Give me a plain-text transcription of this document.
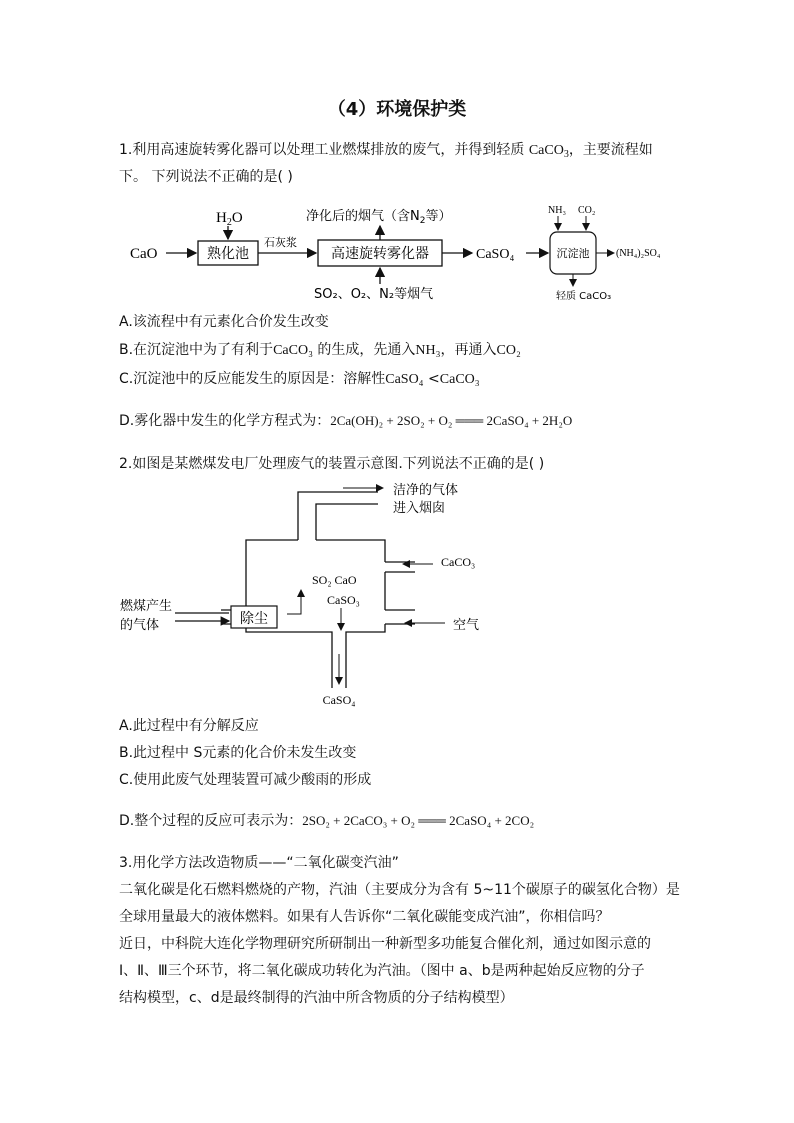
（4）环境保护类
1.利用高速旋转雾化器可以处理工业燃煤排放的废气，并得到轻质 CaCO$_3$，主要流程如
下。 下列说法不正确的是( )
CaO	熟化池
$H_2O$
石灰浆
高速旋转雾化器
净化后的烟气（含$N_2$等）
SO₂、O₂、N₂等烟气
CaSO₄
NH₃ CO₂
沉淀池	(NH₄)₂SO₄
轻质 CaCO₃
A.该流程中有元素化合价发生改变
B.在沉淀池中为了有利于CaCO₃ 的生成，先通入NH₃，再通入CO₂
C.沉淀池中的反应能发生的原因是：溶解性CaSO₄ <CaCO₃
D.雾化器中发生的化学方程式为：2Ca(OH)₂ + 2SO₂ + O₂ ═══ 2CaSO₄ + 2H₂O
2.如图是某燃煤发电厂处理废气的装置示意图.下列说法不正确的是( )
洁净的气体
进入烟囱
CaCO₃
空气
SO₂ CaO
CaSO₃
除尘
燃煤产生
的气体
CaSO₄
A.此过程中有分解反应
B.此过程中 S元素的化合价未发生改变
C.使用此废气处理装置可减少酸雨的形成
D.整个过程的反应可表示为：2SO₂ + 2CaCO₃ + O₂ ═══ 2CaSO₄ + 2CO₂
3.用化学方法改造物质——“二氧化碳变汽油”
二氧化碳是化石燃料燃烧的产物，汽油（主要成分为含有 5~11个碳原子的碳氢化合物）是
全球用量最大的液体燃料。如果有人告诉你“二氧化碳能变成汽油”，你相信吗？
近日，中科院大连化学物理研究所研制出一种新型多功能复合催化剂，通过如图示意的
Ⅰ、Ⅱ、Ⅲ三个环节，将二氧化碳成功转化为汽油。（图中 a、b是两种起始反应物的分子
结构模型，c、d是最终制得的汽油中所含物质的分子结构模型）
